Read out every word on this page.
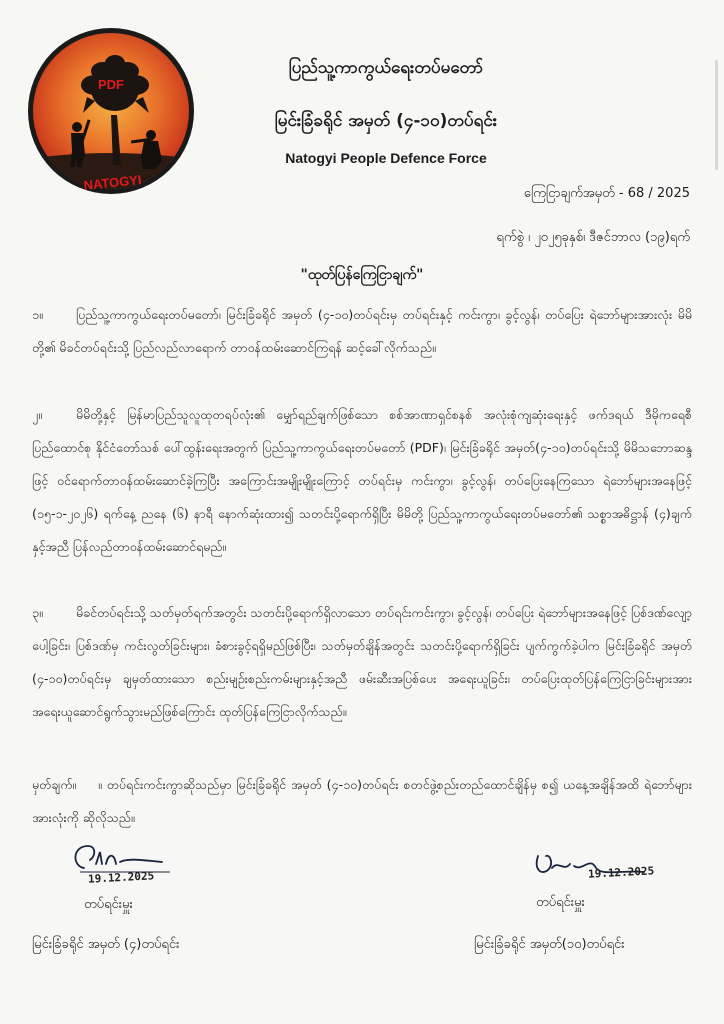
PDF
NATOGYI
ပြည်သူ့ကာကွယ်ရေးတပ်မတော်
မြင်းခြံခရိုင် အမှတ် (၄-၁၀)တပ်ရင်း
Natogyi People Defence Force
ကြေငြာချက်အမှတ် - 68 / 2025
ရက်စွဲ ၊ ၂၀၂၅ခုနှစ်၊ ဒီဇင်ဘာလ (၁၉)ရက်
"ထုတ်ပြန်ကြေငြာချက်"
၁။	ပြည်သူ့ကာကွယ်ရေးတပ်မတော်၊ မြင်းခြံခရိုင် အမှတ် (၄-၁၀)တပ်ရင်းမှ တပ်ရင်းနှင့် ကင်းကွာ၊ ခွင့်လွန်၊ တပ်ပြေး ရဲဘော်များအားလုံး မိမိတို့၏ မိခင်တပ်ရင်းသို့ ပြည်လည်လာရောက် တာဝန်ထမ်းဆောင်ကြရန် ဆင့်ခေါ်လိုက်သည်။
၂။	မိမိတို့နှင့် မြန်မာပြည်သူလူထုတရပ်လုံး၏ မျှော်ရည်ချက်ဖြစ်သော စစ်အာဏာရှင်စနစ် အလုံးစုံကျဆုံးရေးနှင့် ဖက်ဒရယ် ဒီမိုကရေစီ ပြည်ထောင်စု နိုင်ငံတော်သစ် ပေါ်ထွန်းရေးအတွက် ပြည်သူ့ကာကွယ်ရေးတပ်မတော် (PDF)၊ မြင်းခြံခရိုင် အမှတ်(၄-၁၀)တပ်ရင်းသို့ မိမိသဘောဆန္ဒဖြင့် ဝင်ရောက်တာဝန်ထမ်းဆောင်ခဲ့ကြပြီး အကြောင်းအမျိုးမျိုးကြောင့် တပ်ရင်းမှ ကင်းကွာ၊ ခွင့်လွန်၊ တပ်ပြေးနေကြသော ရဲဘော်များအနေဖြင့် (၁၅-၁-၂၀၂၆) ရက်နေ့ ညနေ (၆) နာရီ နောက်ဆုံးထား၍ သတင်းပို့ရောက်ရှိပြီး မိမိတို့ ပြည်သူ့ကာကွယ်ရေးတပ်မတော်၏ သစ္စာအဓိဋ္ဌာန် (၄)ချက်နှင့်အညီ ပြန်လည်တာဝန်ထမ်းဆောင်ရမည်။
၃။	မိခင်တပ်ရင်းသို့ သတ်မှတ်ရက်အတွင်း သတင်းပို့ရောက်ရှိလာသော တပ်ရင်းကင်းကွာ၊ ခွင့်လွန်၊ တပ်ပြေး ရဲဘော်များအနေဖြင့် ပြစ်ဒဏ်လျော့ပေါ့ခြင်း၊ ပြစ်ဒဏ်မှ ကင်းလွတ်ခြင်းများ၊ ခံစားခွင့်ရရှိမည်ဖြစ်ပြီး၊ သတ်မှတ်ချိန်အတွင်း သတင်းပို့ရောက်ရှိခြင်း ပျက်ကွက်ခဲ့ပါက မြင်းခြံခရိုင် အမှတ် (၄-၁၀)တပ်ရင်းမှ ချမှတ်ထားသော စည်းမျဉ်းစည်းကမ်းများနှင့်အညီ ဖမ်းဆီးအပြစ်ပေး အရေးယူခြင်း၊ တပ်ပြေးထုတ်ပြန်ကြေငြာခြင်းများအား အရေးယူဆောင်ရွက်သွားမည်ဖြစ်ကြောင်း ထုတ်ပြန်ကြေငြာလိုက်သည်။
မှတ်ချက်။ ။ တပ်ရင်းကင်းကွာဆိုသည်မှာ မြင်းခြံခရိုင် အမှတ် (၄-၁၀)တပ်ရင်း စတင်ဖွဲ့စည်းတည်ထောင်ချိန်မှ စ၍ ယနေ့အချိန်အထိ ရဲဘော်များအားလုံးကို ဆိုလိုသည်။
19.12.2025
တပ်ရင်းမှူး
မြင်းခြံခရိုင် အမှတ် (၄)တပ်ရင်း
19.12.2025
တပ်ရင်းမှူး
မြင်းခြံခရိုင် အမှတ်(၁၀)တပ်ရင်း
